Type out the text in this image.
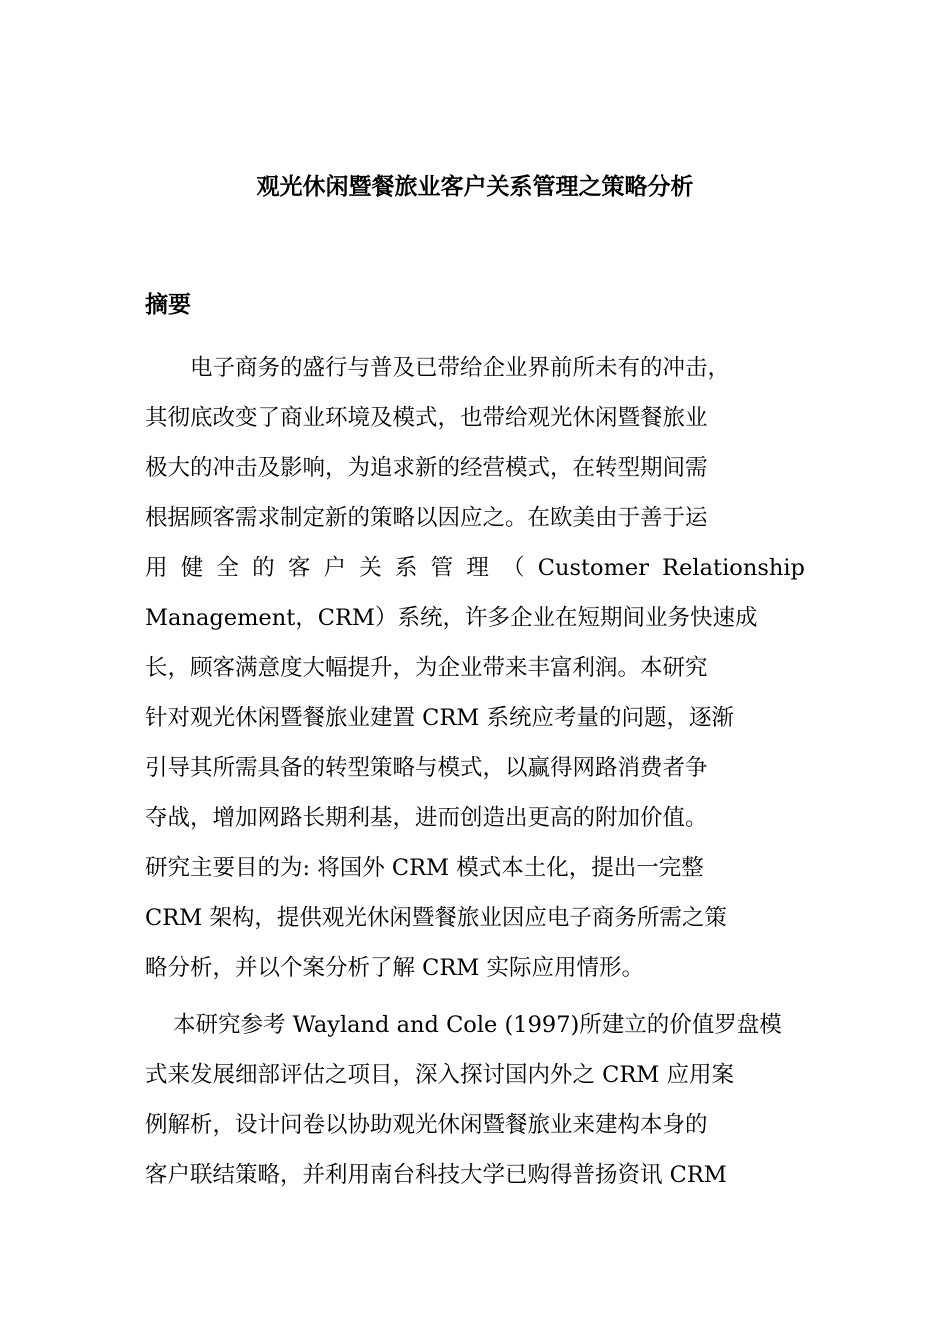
观光休闲暨餐旅业客户关系管理之策略分析
摘要
电子商务的盛行与普及已带给企业界前所未有的冲击，
其彻底改变了商业环境及模式，也带给观光休闲暨餐旅业
极大的冲击及影响，为追求新的经营模式，在转型期间需
根据顾客需求制定新的策略以因应之。在欧美由于善于运
用 健 全 的 客 户 关 系 管 理 （ Customer Relationship
Management，CRM）系统，许多企业在短期间业务快速成
长，顾客满意度大幅提升，为企业带来丰富利润。本研究
针对观光休闲暨餐旅业建置 CRM 系统应考量的问题，逐渐
引导其所需具备的转型策略与模式，以赢得网路消费者争
夺战，增加网路长期利基，进而创造出更高的附加价值。
研究主要目的为: 将国外 CRM 模式本土化，提出一完整
CRM 架构，提供观光休闲暨餐旅业因应电子商务所需之策
略分析，并以个案分析了解 CRM 实际应用情形。
本研究参考 Wayland and Cole (1997)所建立的价值罗盘模
式来发展细部评估之项目，深入探讨国内外之 CRM 应用案
例解析，设计问卷以协助观光休闲暨餐旅业来建构本身的
客户联结策略，并利用南台科技大学已购得普扬资讯 CRM
